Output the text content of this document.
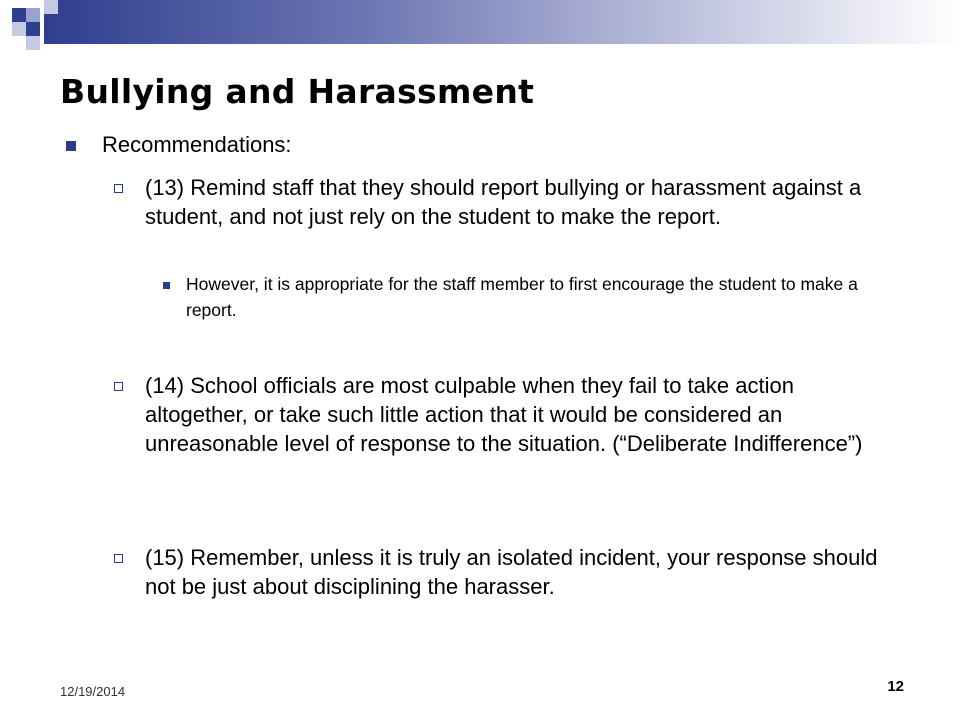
Bullying and Harassment
Recommendations:
(13) Remind staff that they should report bullying or harassment against a student, and not just rely on the student to make the report.
However, it is appropriate for the staff member to first encourage the student to make a report.
(14) School officials are most culpable when they fail to take action altogether, or take such little action that it would be considered an unreasonable level of response to the situation. (“Deliberate Indifference”)
(15) Remember, unless it is truly an isolated incident, your response should not be just about disciplining the harasser.
12/19/2014	12
